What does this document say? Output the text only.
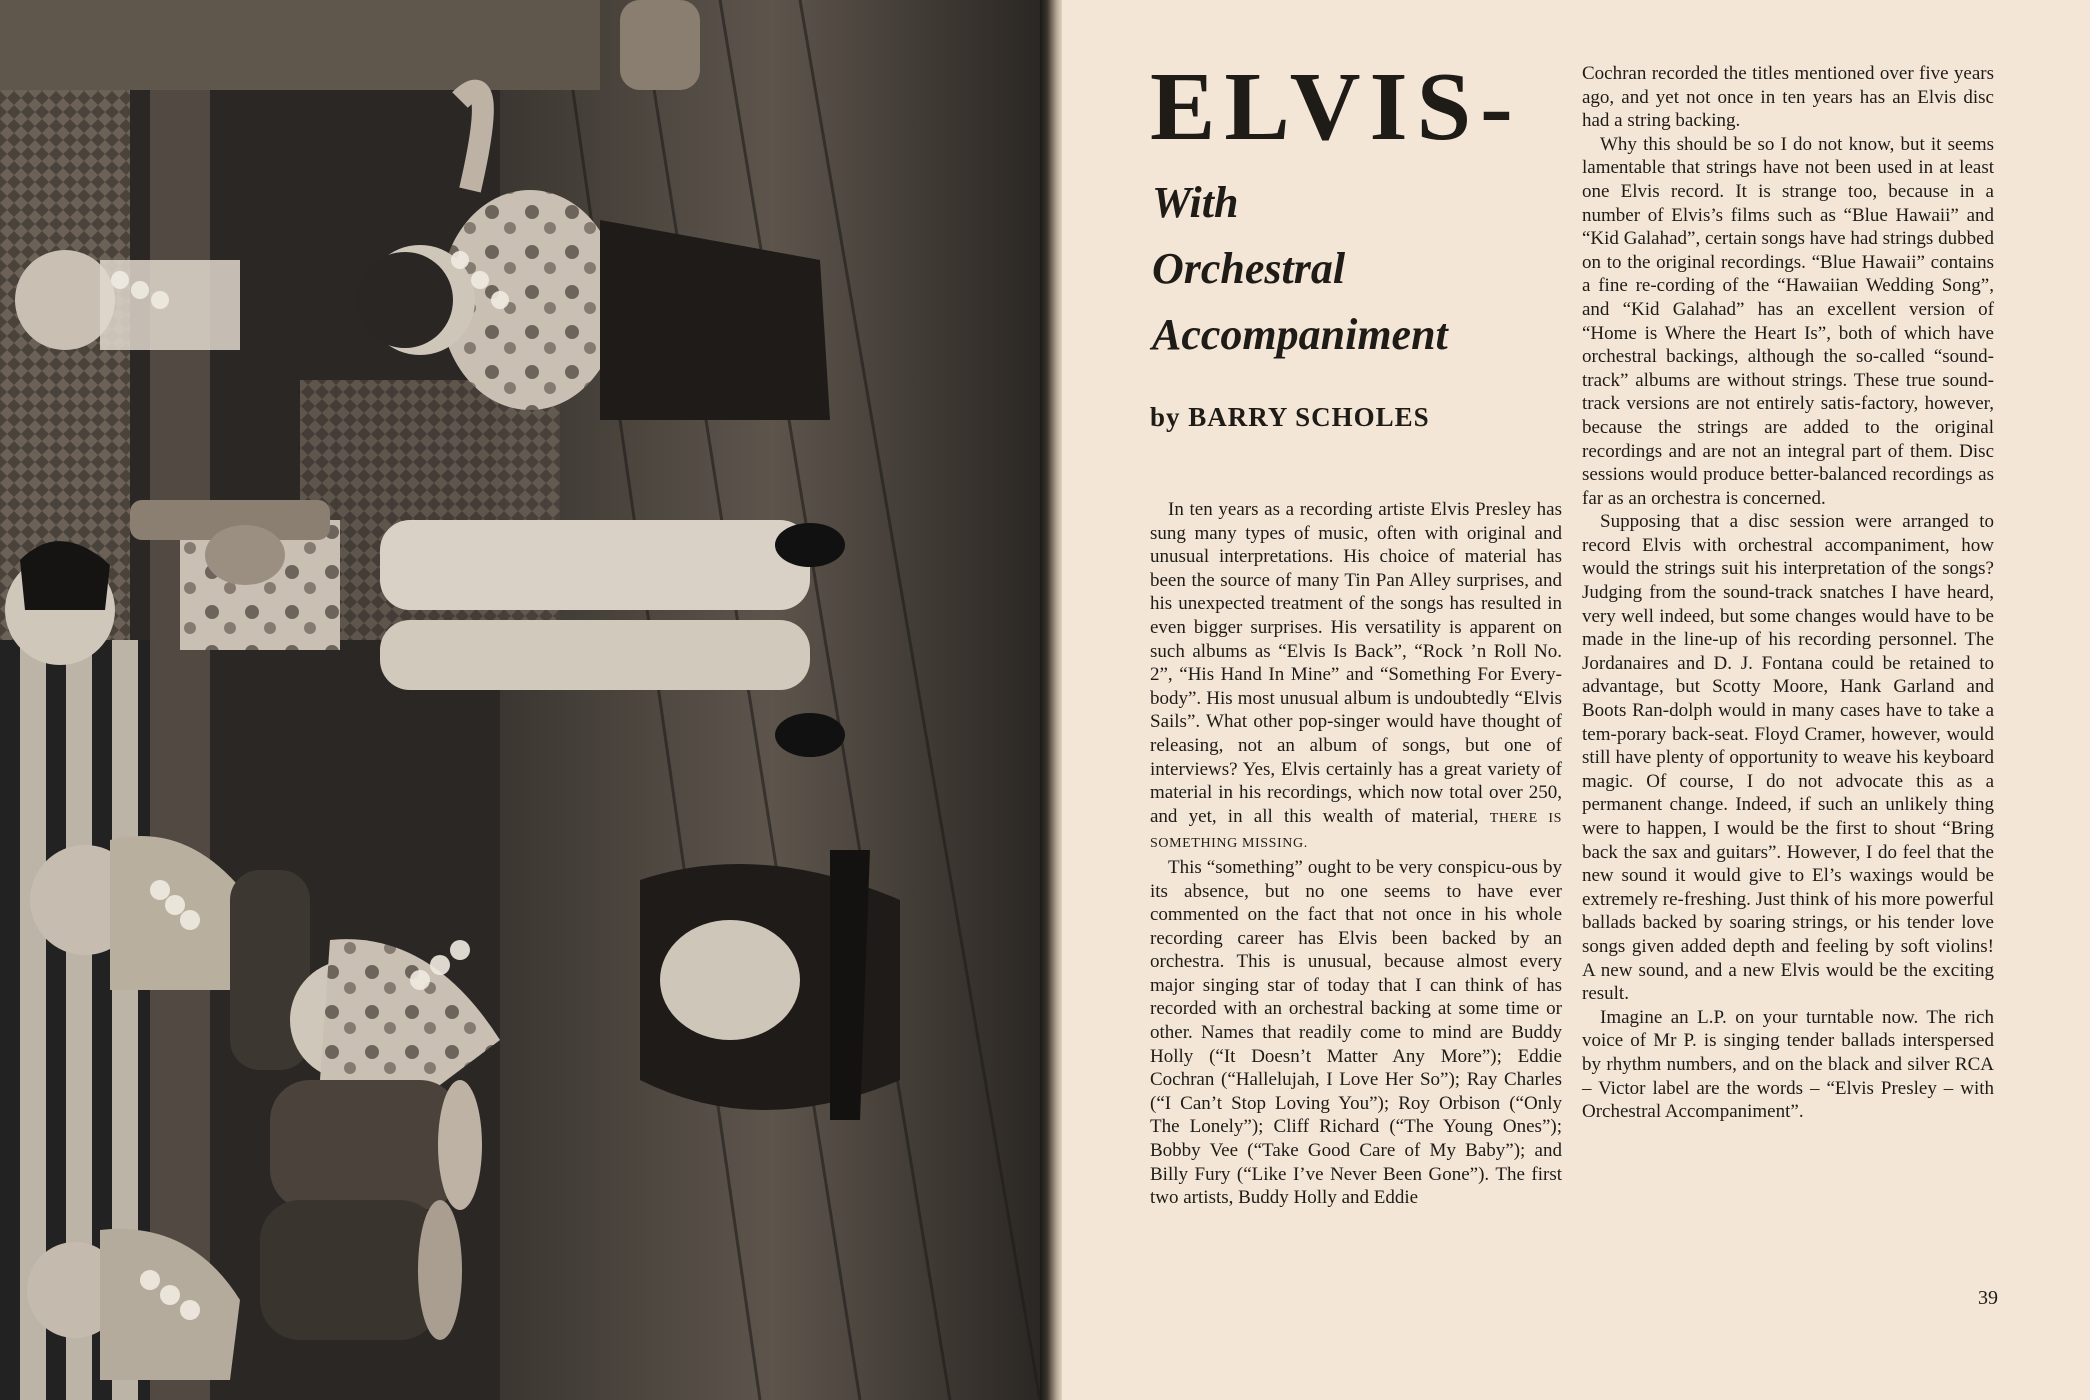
ELVIS-
With
Orchestral
Accompaniment

by BARRY SCHOLES

In ten years as a recording artiste Elvis Presley has sung many types of music, often with original and unusual interpretations. His choice of material has been the source of many Tin Pan Alley surprises, and his unexpected treatment of the songs has resulted in even bigger surprises. His versatility is apparent on such albums as “Elvis Is Back”, “Rock ’n Roll No. 2”, “His Hand In Mine” and “Something For Every-body”. His most unusual album is undoubtedly “Elvis Sails”. What other pop-singer would have thought of releasing, not an album of songs, but one of interviews? Yes, Elvis certainly has a great variety of material in his recordings, which now total over 250, and yet, in all this wealth of material, THERE IS SOMETHING MISSING.

This “something” ought to be very conspicu-ous by its absence, but no one seems to have ever commented on the fact that not once in his whole recording career has Elvis been backed by an orchestra. This is unusual, because almost every major singing star of today that I can think of has recorded with an orchestral backing at some time or other. Names that readily come to mind are Buddy Holly (“It Doesn’t Matter Any More”); Eddie Cochran (“Hallelujah, I Love Her So”); Ray Charles (“I Can’t Stop Loving You”); Roy Orbison (“Only The Lonely”); Cliff Richard (“The Young Ones”); Bobby Vee (“Take Good Care of My Baby”); and Billy Fury (“Like I’ve Never Been Gone”). The first two artists, Buddy Holly and Eddie

Cochran recorded the titles mentioned over five years ago, and yet not once in ten years has an Elvis disc had a string backing.

Why this should be so I do not know, but it seems lamentable that strings have not been used in at least one Elvis record. It is strange too, because in a number of Elvis’s films such as “Blue Hawaii” and “Kid Galahad”, certain songs have had strings dubbed on to the original recordings. “Blue Hawaii” contains a fine re-cording of the “Hawaiian Wedding Song”, and “Kid Galahad” has an excellent version of “Home is Where the Heart Is”, both of which have orchestral backings, although the so-called “sound-track” albums are without strings. These true sound-track versions are not entirely satis-factory, however, because the strings are added to the original recordings and are not an integral part of them. Disc sessions would produce better-balanced recordings as far as an orchestra is concerned.

Supposing that a disc session were arranged to record Elvis with orchestral accompaniment, how would the strings suit his interpretation of the songs? Judging from the sound-track snatches I have heard, very well indeed, but some changes would have to be made in the line-up of his recording personnel. The Jordanaires and D. J. Fontana could be retained to advantage, but Scotty Moore, Hank Garland and Boots Ran-dolph would in many cases have to take a tem-porary back-seat. Floyd Cramer, however, would still have plenty of opportunity to weave his keyboard magic. Of course, I do not advocate this as a permanent change. Indeed, if such an unlikely thing were to happen, I would be the first to shout “Bring back the sax and guitars”. However, I do feel that the new sound it would give to El’s waxings would be extremely re-freshing. Just think of his more powerful ballads backed by soaring strings, or his tender love songs given added depth and feeling by soft violins! A new sound, and a new Elvis would be the exciting result.

Imagine an L.P. on your turntable now. The rich voice of Mr P. is singing tender ballads interspersed by rhythm numbers, and on the black and silver RCA – Victor label are the words – “Elvis Presley – with Orchestral Accompaniment”.

39
